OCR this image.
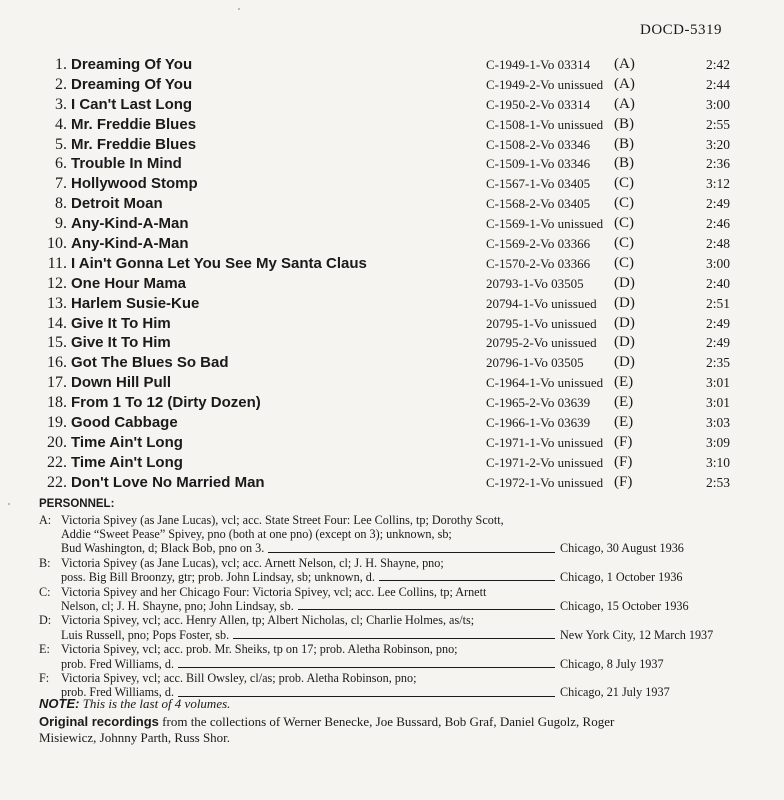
DOCD-5319
1. Dreaming Of You	C-1949-1-Vo 03314 (A)	2:42
2. Dreaming Of You	C-1949-2-Vo unissued (A)	2:44
3. I Can't Last Long	C-1950-2-Vo 03314 (A)	3:00
4. Mr. Freddie Blues	C-1508-1-Vo unissued (B)	2:55
5. Mr. Freddie Blues	C-1508-2-Vo 03346 (B)	3:20
6. Trouble In Mind	C-1509-1-Vo 03346 (B)	2:36
7. Hollywood Stomp	C-1567-1-Vo 03405 (C)	3:12
8. Detroit Moan	C-1568-2-Vo 03405 (C)	2:49
9. Any-Kind-A-Man	C-1569-1-Vo unissued (C)	2:46
10. Any-Kind-A-Man	C-1569-2-Vo 03366 (C)	2:48
11. I Ain't Gonna Let You See My Santa Claus	C-1570-2-Vo 03366 (C)	3:00
12. One Hour Mama	20793-1-Vo 03505 (D)	2:40
13. Harlem Susie-Kue	20794-1-Vo unissued (D)	2:51
14. Give It To Him	20795-1-Vo unissued (D)	2:49
15. Give It To Him	20795-2-Vo unissued (D)	2:49
16. Got The Blues So Bad	20796-1-Vo 03505 (D)	2:35
17. Down Hill Pull	C-1964-1-Vo unissued (E)	3:01
18. From 1 To 12 (Dirty Dozen)	C-1965-2-Vo 03639 (E)	3:01
19. Good Cabbage	C-1966-1-Vo 03639 (E)	3:03
20. Time Ain't Long	C-1971-1-Vo unissued (F)	3:09
22. Time Ain't Long	C-1971-2-Vo unissued (F)	3:10
22. Don't Love No Married Man	C-1972-1-Vo unissued (F)	2:53
PERSONNEL:
A: Victoria Spivey (as Jane Lucas), vcl; acc. State Street Four: Lee Collins, tp; Dorothy Scott,
Addie “Sweet Pease” Spivey, pno (both at one pno) (except on 3); unknown, sb;
Bud Washington, d; Black Bob, pno on 3.	Chicago, 30 August 1936
B: Victoria Spivey (as Jane Lucas), vcl; acc. Arnett Nelson, cl; J. H. Shayne, pno;
poss. Big Bill Broonzy, gtr; prob. John Lindsay, sb; unknown, d.	Chicago, 1 October 1936
C: Victoria Spivey and her Chicago Four: Victoria Spivey, vcl; acc. Lee Collins, tp; Arnett
Nelson, cl; J. H. Shayne, pno; John Lindsay, sb.	Chicago, 15 October 1936
D: Victoria Spivey, vcl; acc. Henry Allen, tp; Albert Nicholas, cl; Charlie Holmes, as/ts;
Luis Russell, pno; Pops Foster, sb.	New York City, 12 March 1937
E: Victoria Spivey, vcl; acc. prob. Mr. Sheiks, tp on 17; prob. Aletha Robinson, pno;
prob. Fred Williams, d.	Chicago, 8 July 1937
F: Victoria Spivey, vcl; acc. Bill Owsley, cl/as; prob. Aletha Robinson, pno;
prob. Fred Williams, d.	Chicago, 21 July 1937
NOTE: This is the last of 4 volumes.
Original recordings from the collections of Werner Benecke, Joe Bussard, Bob Graf, Daniel Gugolz, Roger
Misiewicz, Johnny Parth, Russ Shor.
